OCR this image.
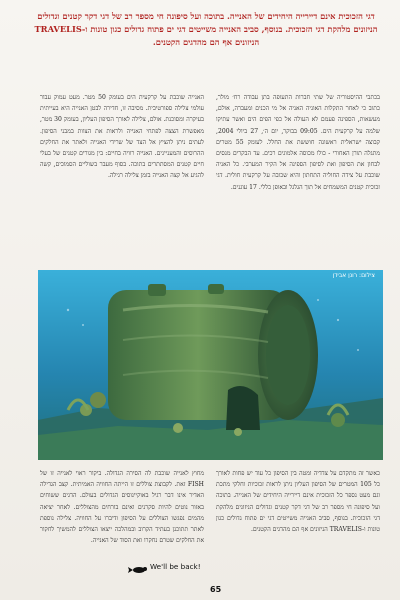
דגי הזכוכית אינם דיירייה היחידים של האנייה. בתוכה ועל סיפונה חי מספר רב של דגי דקר קטנים וגדולים הניזונים מלהקת דגי הזכוכית. בנוסף, סביב האנייה משייטים דגי ים פתוח גדולים כגון טונות ו-TRAVELIS הניזונים אף הם מהדגים הקטנים.
בכתבי ההיסטוריה של שתי חברות התעופה בתן עבודה רח׳ מולר, כתוב כי לאחר התקלות האוניה האניה אל מי הכנים ומעברה, אולם, מעשאות, הספינה פעמם לא העולה אל כפי הפים הים ואשר עתיקו שלמה על קרקעית הים. 09:05 בבוקר, יום ה׳, 27 ביולי 2004, קבוצה ישראלית ראשונה חוששת את החלל. לעומק 55 מטרים מתגלה תורן האחורי - כולו מכוסה אלמוגים רכים. עד הבקרים מנסים לבחון את הסיפון ואת לסיפון הספינה אל הקיר המערבי. כל האניה שוכבת על צידה החוליה התחתון והיא שכובה על קרקעית חולית. דגי זכוכית קטנים המשמחים אל תוך הגלגל ובאופן כללי. 17 עוגנים.
האנייה שוכבת על קרקעית הים בעומק 50 מטר. מעט עמוק עבור עולמי צלילה ספורטיבית. מסיבה זו, חדירה לבטן האנייה היא בעייתית בעיקרה ומסוכנת. אולם, צלילה לאורך הסיפון העליון, בעומק 30 מטר, מאפשרת הצצה לפתחי האנייה ולראות את הצוות במבני הסיפון. לעתים ניתן להציץ אל הצד של שרידי האנייה ולאתר את החלקים ההרוסים והמעניינים. האנייה רוויה בחיים: בין מגורים קטנים של בעלי חיים קטנים המסתתרים בתוכה. בסוף מעבר בשוליים הסמוכים, קשה להגיע אל קצה האנייה בזמן צלילה רגילה.
צילום: רונן אבידן
כאשר זה מתקדם על צדדיה ומטה בין הסיפון כל עוד יש פחות לאורך כל 105 המטרים של הסיפון העליון ניתן לראות זכוכיות וחלקי מתכת וגם מעט נספר כל הזכוכית אינם דיירייה היחידים של האנייה. בתוכה ועל סיפונה חי מספר רב של דגי דקר קטנים וגדולים הניזונים מלהקת דגי הזכוכית. בנוסף, סביב האנייה משייטים דגי ים פתוח גדולים כגון טונות ו-TRAVELIS הניזונים אף הם מהדגים הקטנים.
מחוץ לאנייה שוכבת לה הסירה הגדולה. ביקור ראוי לאנייה זו של FISH זאת. לקבוצת צוללים זו הייתה החוויה האמיתית. קצב הגדילה האדיר אינו דבר רגיל באוקיינוסים הגדולים בעולם. הדגים ששוחים באזור נוטים להיות סקרנים ואינם בורחים מהצוללים. לאחר יציאה מהמים נפגשו הצוללים על הסיפון ודיברו על החוויה. צלילה נוספת לאתר תתוכנן בעתיד הקרוב ובמהלכה ייצאו הצוללים להמשיך לחקור את החלקים שטרם נחקרו ואת הסוד של האנייה.
We'll be back!
65
